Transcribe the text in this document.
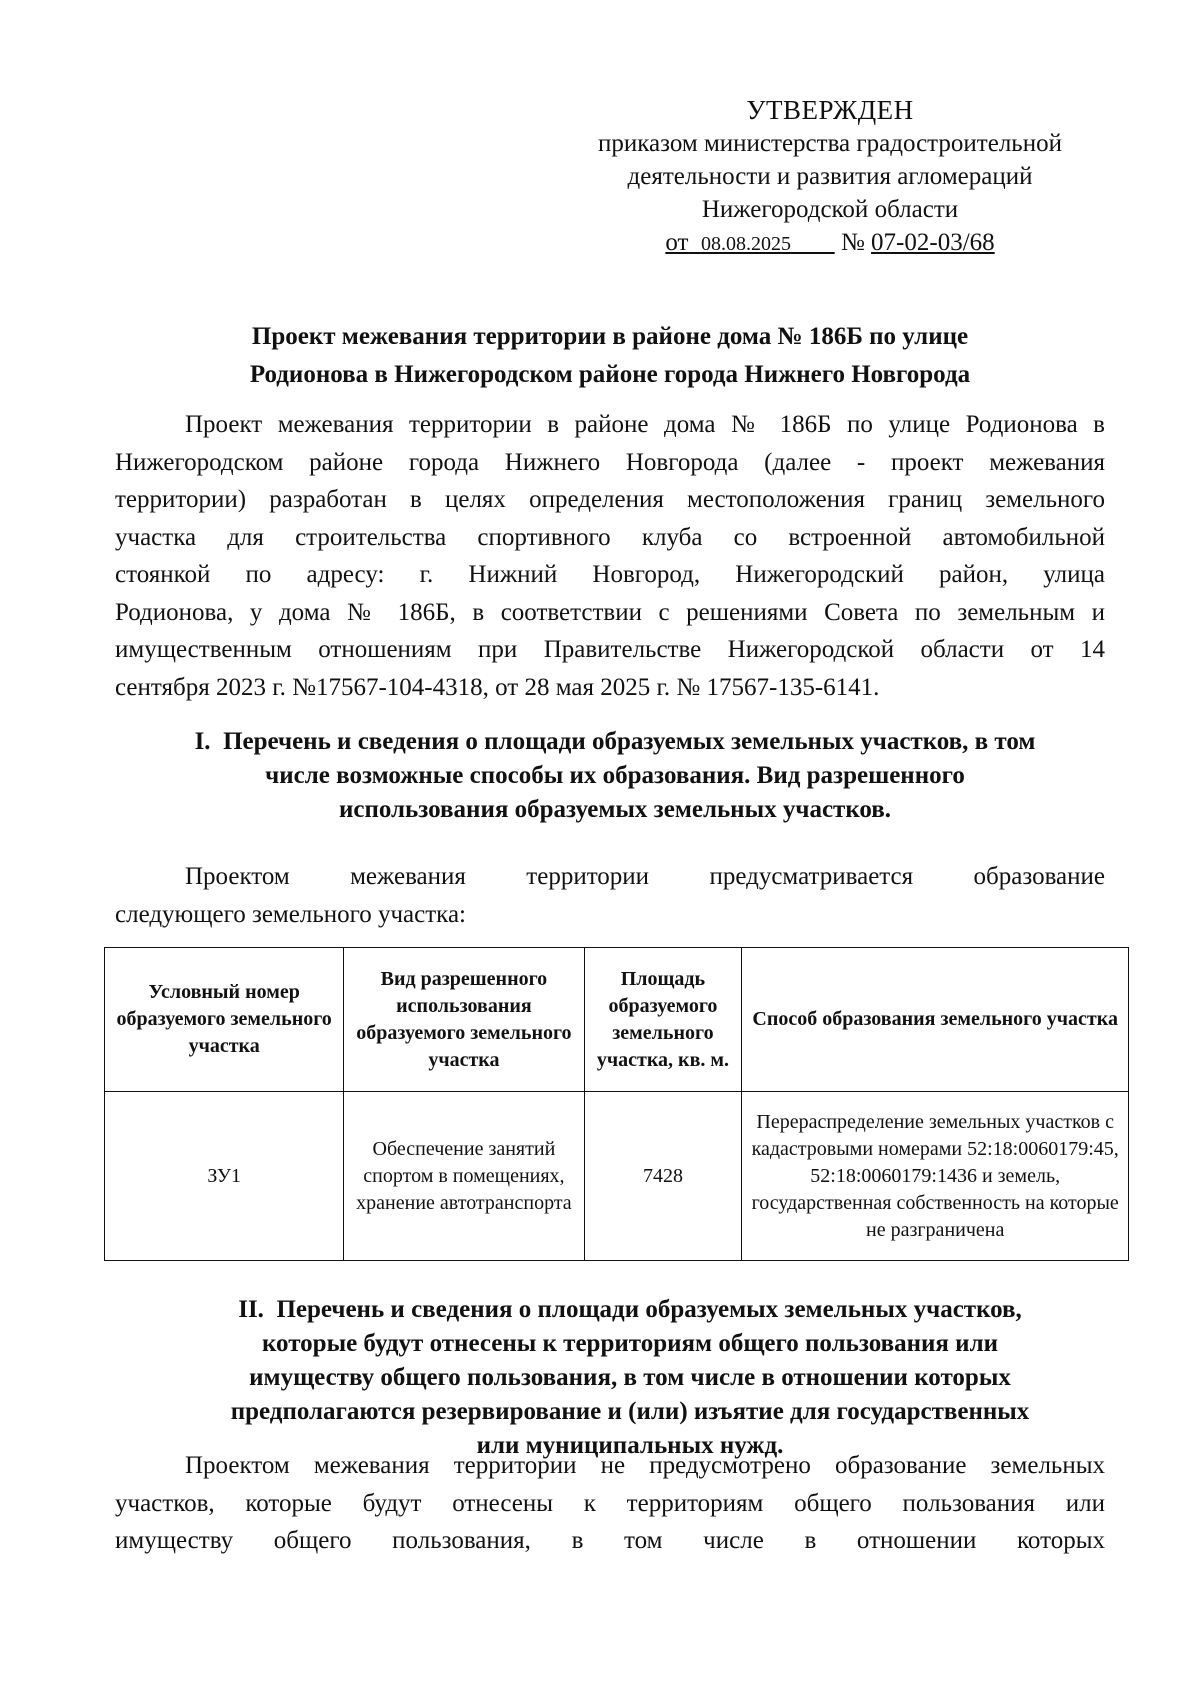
УТВЕРЖДЕН
приказом министерства градостроительной
деятельности и развития агломераций
Нижегородской области
от 08.08.2025 № 07-02-03/68
Проект межевания территории в районе дома № 186Б по улице
Родионова в Нижегородском районе города Нижнего Новгорода
Проект межевания территории в районе дома № 186Б по улице Родионова в
Нижегородском районе города Нижнего Новгорода (далее - проект межевания
территории) разработан в целях определения местоположения границ земельного
участка для строительства спортивного клуба со встроенной автомобильной
стоянкой по адресу: г. Нижний Новгород, Нижегородский район, улица
Родионова, у дома № 186Б, в соответствии с решениями Совета по земельным и
имущественным отношениям при Правительстве Нижегородской области от 14
сентября 2023 г. №17567-104-4318, от 28 мая 2025 г. № 17567-135-6141.
I. Перечень и сведения о площади образуемых земельных участков, в том
числе возможные способы их образования. Вид разрешенного
использования образуемых земельных участков.
Проектом межевания территории предусматривается образование
следующего земельного участка:
Условный номер образуемого земельного участка	Вид разрешенного использования образуемого земельного участка	Площадь образуемого земельного участка, кв. м.	Способ образования земельного участка
ЗУ1	Обеспечение занятий спортом в помещениях, хранение автотранспорта	7428	Перераспределение земельных участков с кадастровыми номерами 52:18:0060179:45, 52:18:0060179:1436 и земель, государственная собственность на которые не разграничена
II. Перечень и сведения о площади образуемых земельных участков,
которые будут отнесены к территориям общего пользования или
имуществу общего пользования, в том числе в отношении которых
предполагаются резервирование и (или) изъятие для государственных
или муниципальных нужд.
Проектом межевания территории не предусмотрено образование земельных
участков, которые будут отнесены к территориям общего пользования или
имуществу общего пользования, в том числе в отношении которых
